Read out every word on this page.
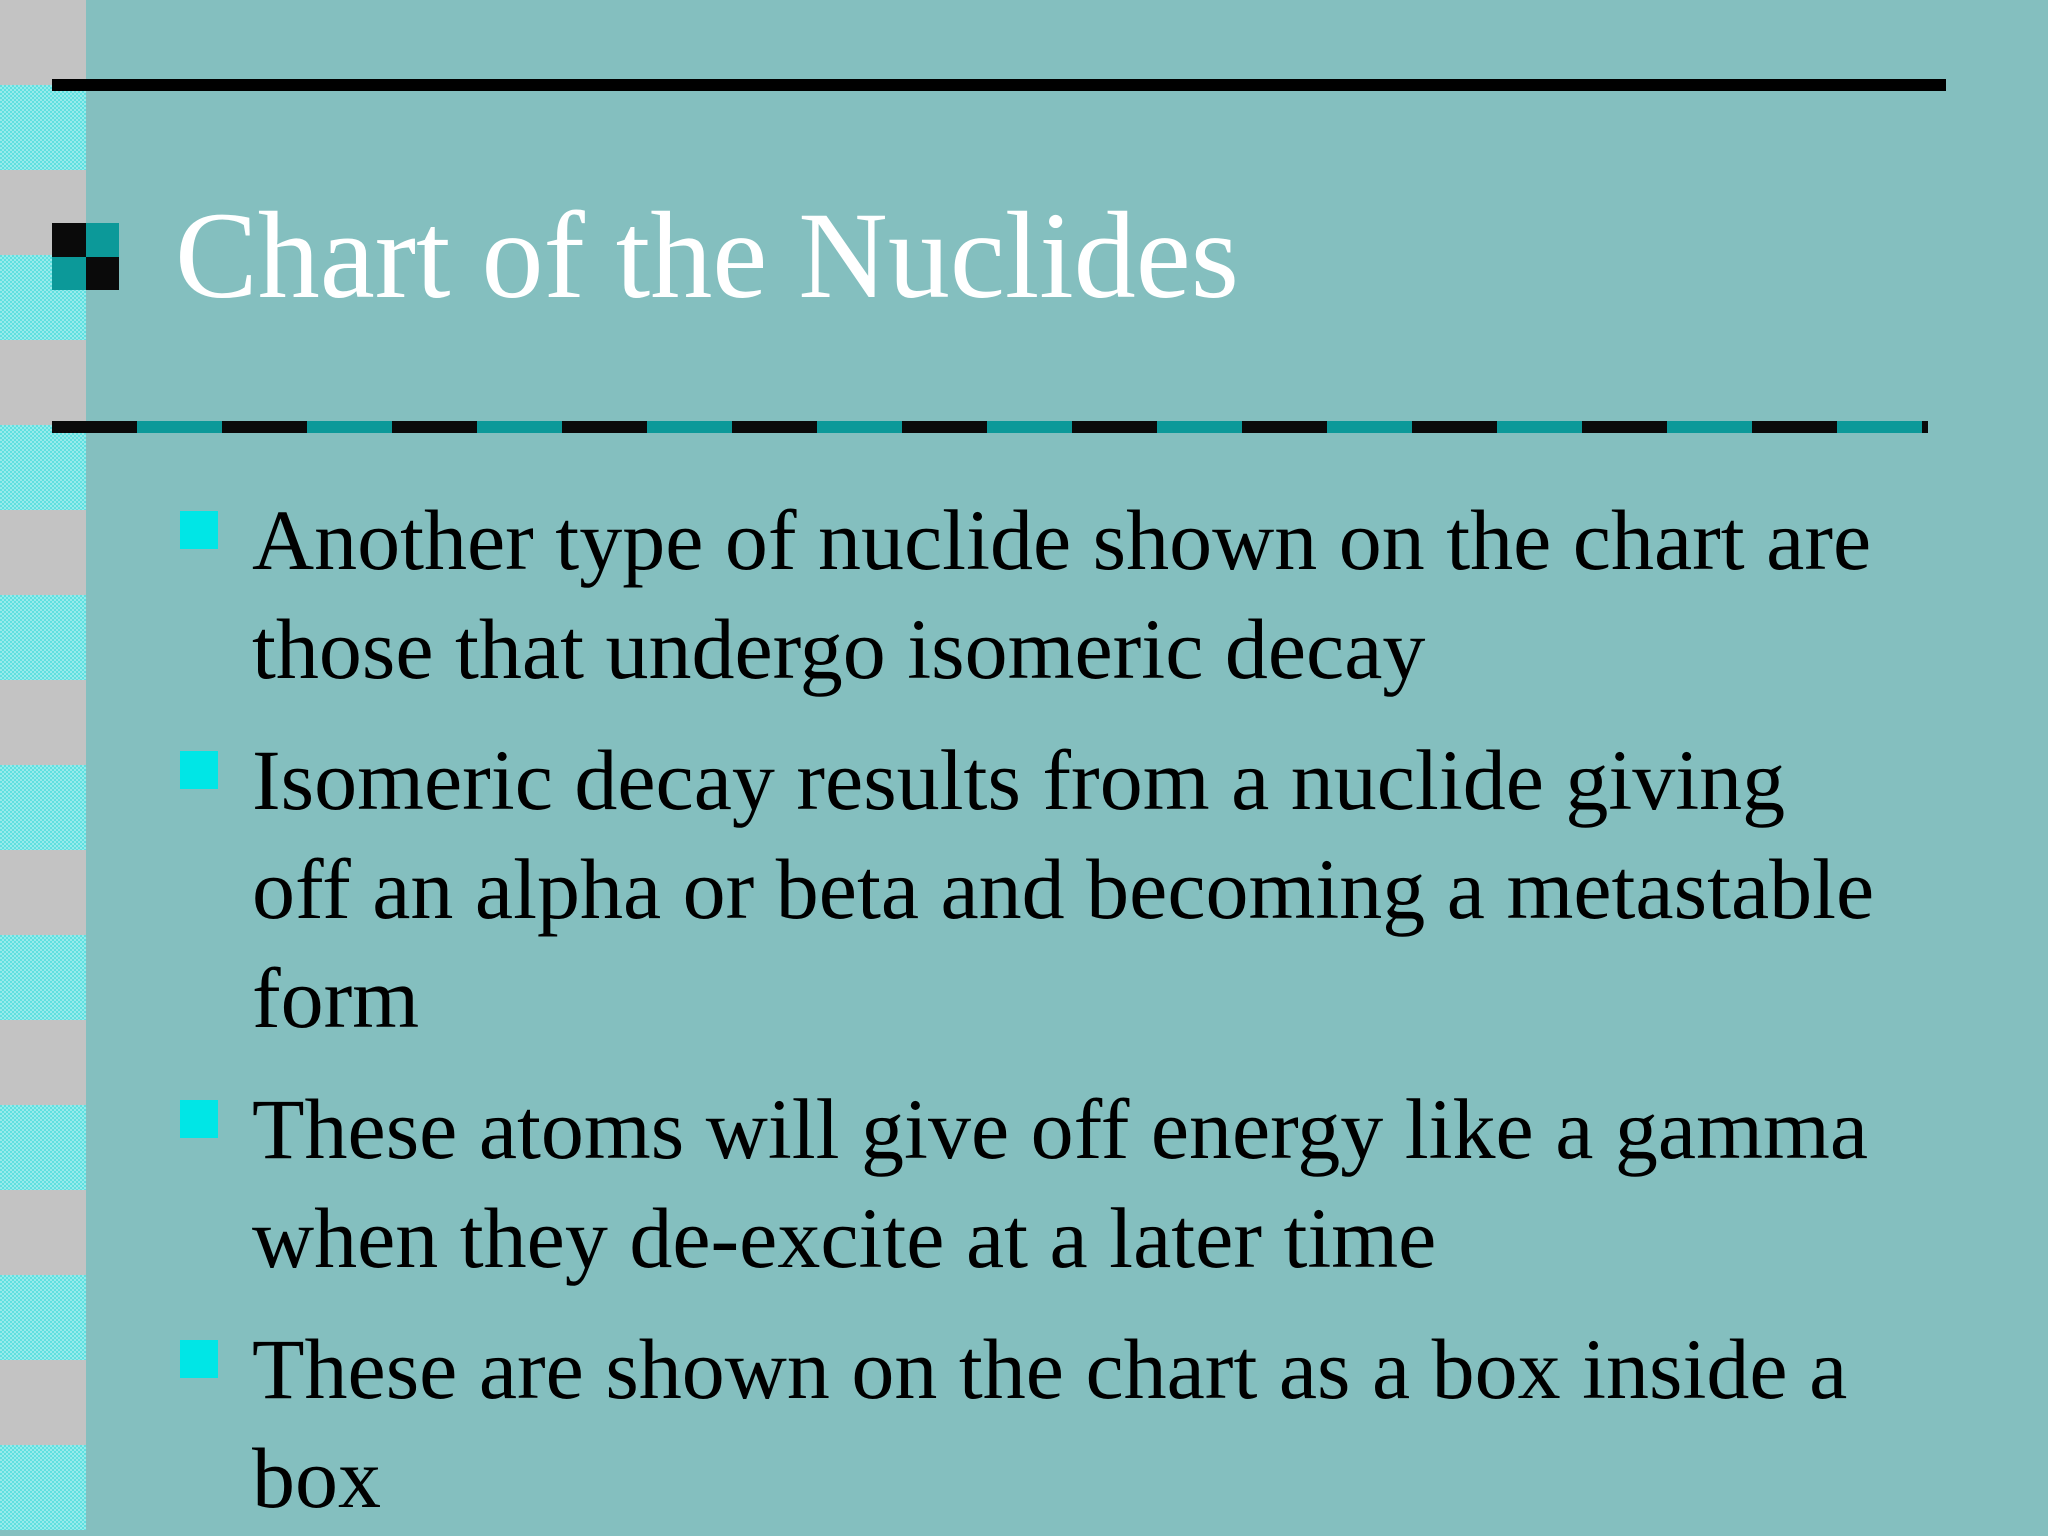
Chart of the Nuclides
Another type of nuclide shown on the chart are those that undergo isomeric decay
Isomeric decay results from a nuclide giving off an alpha or beta and becoming a metastable form
These atoms will give off energy like a gamma when they de-excite at a later time
These are shown on the chart as a box inside a box
